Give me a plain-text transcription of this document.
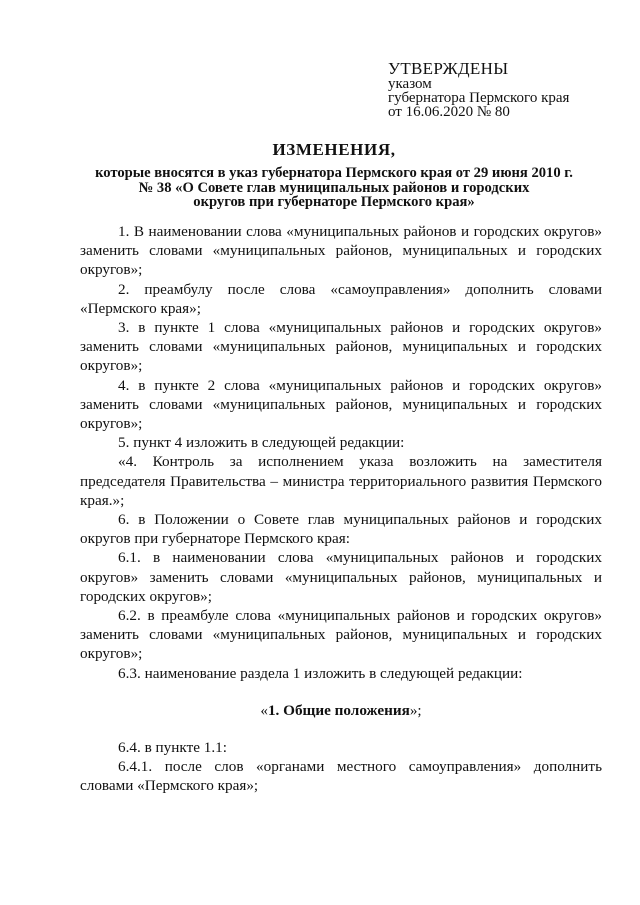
УТВЕРЖДЕНЫ
указом
губернатора Пермского края
от 16.06.2020 № 80
ИЗМЕНЕНИЯ,
которые вносятся в указ губернатора Пермского края от 29 июня 2010 г.
№ 38 «О Совете глав муниципальных районов и городских
округов при губернаторе Пермского края»

1. В наименовании слова «муниципальных районов и городских округов» заменить словами «муниципальных районов, муниципальных и городских округов»;

2. преамбулу после слова «самоуправления» дополнить словами «Пермского края»;

3. в пункте 1 слова «муниципальных районов и городских округов» заменить словами «муниципальных районов, муниципальных и городских округов»;

4. в пункте 2 слова «муниципальных районов и городских округов» заменить словами «муниципальных районов, муниципальных и городских округов»;

5. пункт 4 изложить в следующей редакции:

«4. Контроль за исполнением указа возложить на заместителя председателя Правительства – министра территориального развития Пермского края.»;

6. в Положении о Совете глав муниципальных районов и городских округов при губернаторе Пермского края:

6.1. в наименовании слова «муниципальных районов и городских округов» заменить словами «муниципальных районов, муниципальных и городских округов»;

6.2. в преамбуле слова «муниципальных районов и городских округов» заменить словами «муниципальных районов, муниципальных и городских округов»;

6.3. наименование раздела 1 изложить в следующей редакции:

«1. Общие положения»;

6.4. в пункте 1.1:

6.4.1. после слов «органами местного самоуправления» дополнить словами «Пермского края»;
